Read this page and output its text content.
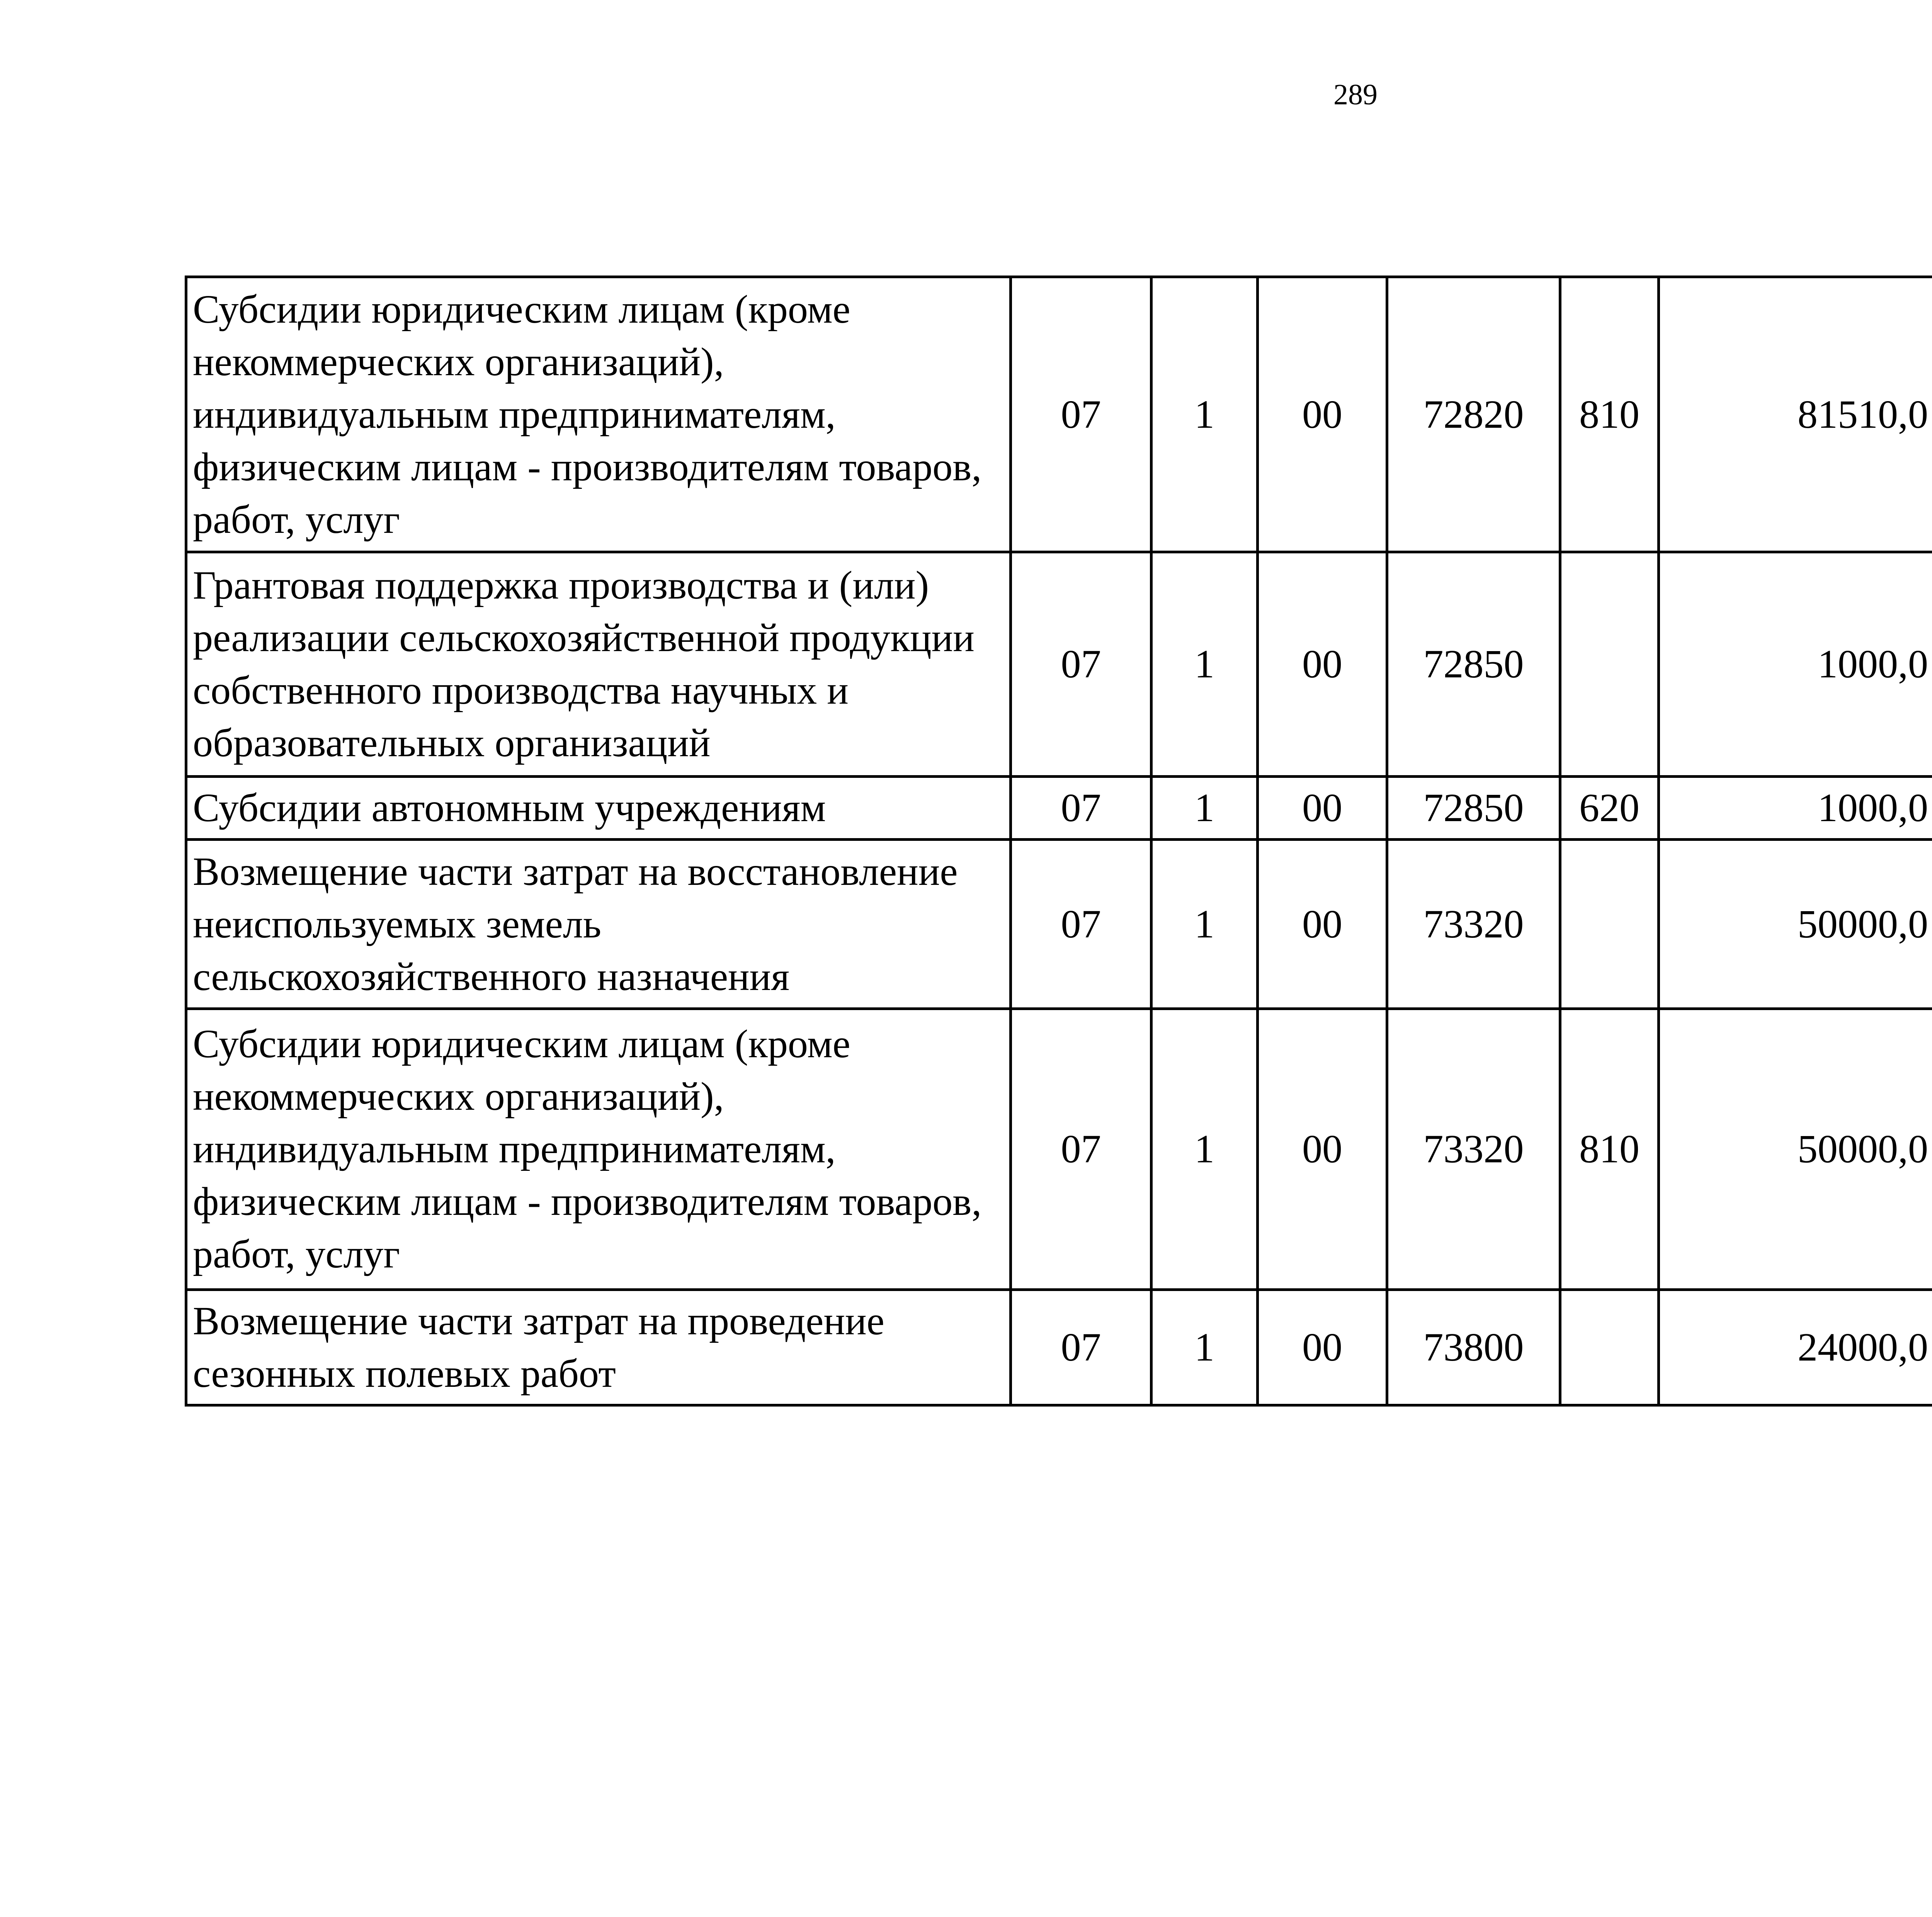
289
Субсидии юридическим лицам (кроме некоммерческих организаций), индивидуальным предпринимателям, физическим лицам - производителям товаров, работ, услуг	07	1	00	72820	810	81510,0		
Грантовая поддержка производства и (или) реализации сельскохозяйственной продукции собственного производства научных и образовательных организаций	07	1	00	72850		1000,0		
Субсидии автономным учреждениям	07	1	00	72850	620	1000,0		
Возмещение части затрат на восстановление неиспользуемых земель сельскохозяйственного назначения	07	1	00	73320		50000,0		
Субсидии юридическим лицам (кроме некоммерческих организаций), индивидуальным предпринимателям, физическим лицам - производителям товаров, работ, услуг	07	1	00	73320	810	50000,0		
Возмещение части затрат на проведение сезонных полевых работ	07	1	00	73800		24000,0		
